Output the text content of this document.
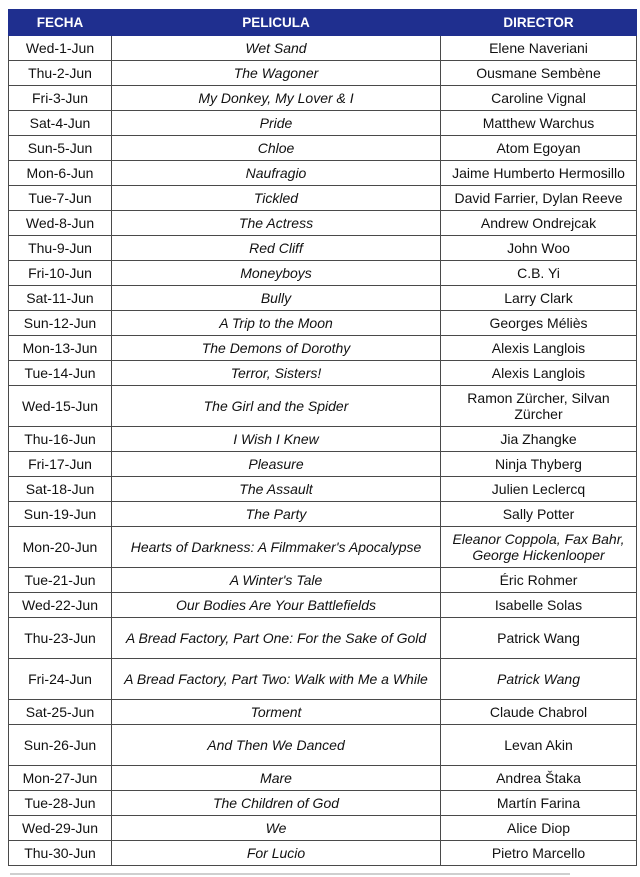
FECHA	PELICULA	DIRECTOR
Wed-1-Jun	Wet Sand	Elene Naveriani
Thu-2-Jun	The Wagoner	Ousmane Sembène
Fri-3-Jun	My Donkey, My Lover & I	Caroline Vignal
Sat-4-Jun	Pride	Matthew Warchus
Sun-5-Jun	Chloe	Atom Egoyan
Mon-6-Jun	Naufragio	Jaime Humberto Hermosillo
Tue-7-Jun	Tickled	David Farrier, Dylan Reeve
Wed-8-Jun	The Actress	Andrew Ondrejcak
Thu-9-Jun	Red Cliff	John Woo
Fri-10-Jun	Moneyboys	C.B. Yi
Sat-11-Jun	Bully	Larry Clark
Sun-12-Jun	A Trip to the Moon	Georges Méliès
Mon-13-Jun	The Demons of Dorothy	Alexis Langlois
Tue-14-Jun	Terror, Sisters!	Alexis Langlois
Wed-15-Jun	The Girl and the Spider	Ramon Zürcher, Silvan Zürcher
Thu-16-Jun	I Wish I Knew	Jia Zhangke
Fri-17-Jun	Pleasure	Ninja Thyberg
Sat-18-Jun	The Assault	Julien Leclercq
Sun-19-Jun	The Party	Sally Potter
Mon-20-Jun	Hearts of Darkness: A Filmmaker's Apocalypse	Eleanor Coppola, Fax Bahr, George Hickenlooper
Tue-21-Jun	A Winter's Tale	Éric Rohmer
Wed-22-Jun	Our Bodies Are Your Battlefields	Isabelle Solas
Thu-23-Jun	A Bread Factory, Part One: For the Sake of Gold	Patrick Wang
Fri-24-Jun	A Bread Factory, Part Two: Walk with Me a While	Patrick Wang
Sat-25-Jun	Torment	Claude Chabrol
Sun-26-Jun	And Then We Danced	Levan Akin
Mon-27-Jun	Mare	Andrea Štaka
Tue-28-Jun	The Children of God	Martín Farina
Wed-29-Jun	We	Alice Diop
Thu-30-Jun	For Lucio	Pietro Marcello
